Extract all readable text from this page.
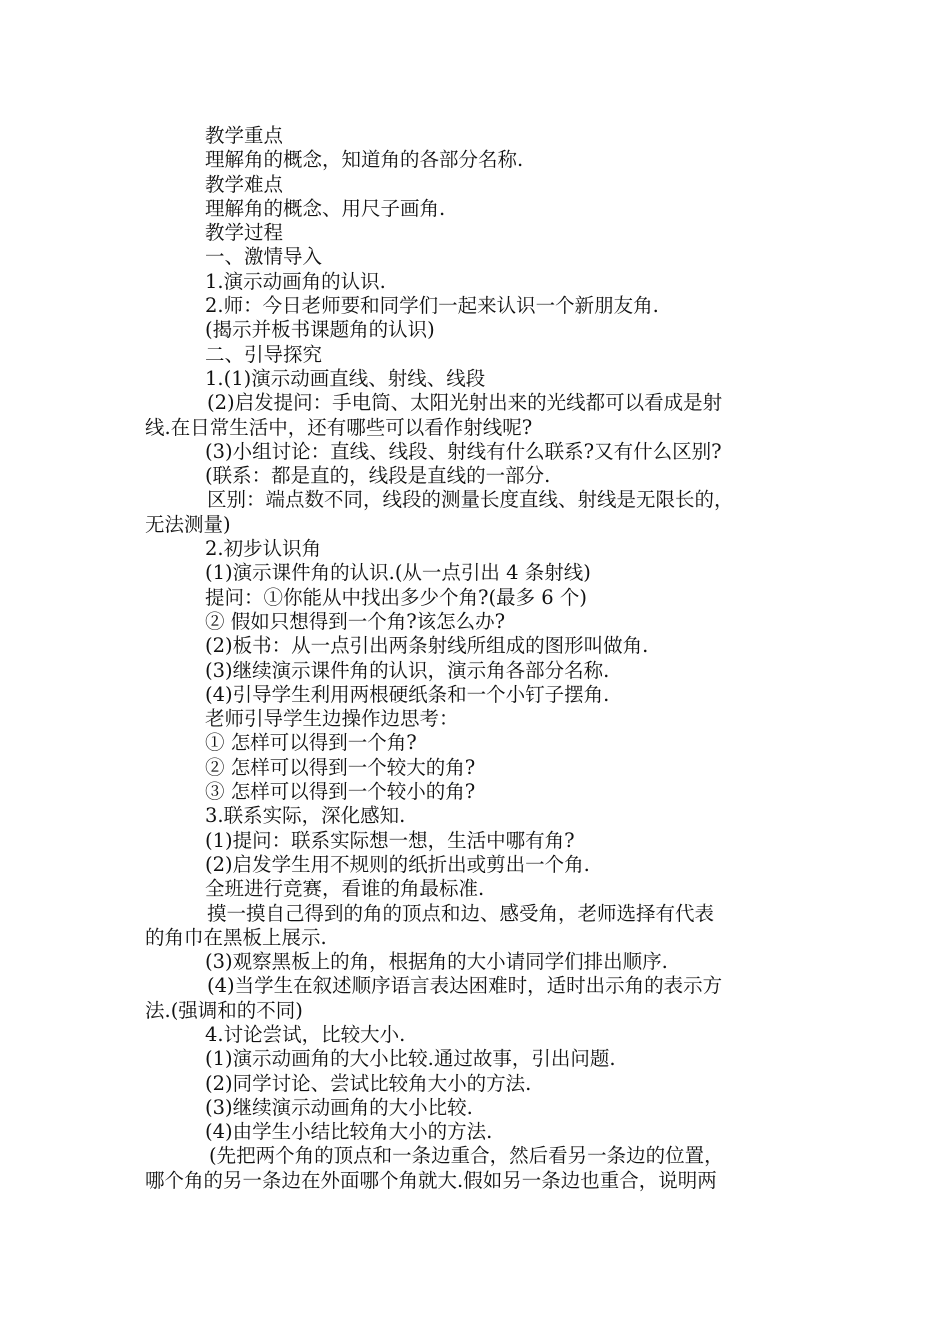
教学重点
理解角的概念，知道角的各部分名称.
教学难点
理解角的概念、用尺子画角.
教学过程
一、激情导入
1.演示动画角的认识.
2.师：今日老师要和同学们一起来认识一个新朋友角.
(揭示并板书课题角的认识)
二、引导探究
1.(1)演示动画直线、射线、线段
(2)启发提问：手电筒、太阳光射出来的光线都可以看成是射
线.在日常生活中，还有哪些可以看作射线呢?
(3)小组讨论：直线、线段、射线有什么联系?又有什么区别?
(联系：都是直的，线段是直线的一部分.
区别：端点数不同，线段的测量长度直线、射线是无限长的，
无法测量)
2.初步认识角
(1)演示课件角的认识.(从一点引出 4 条射线)
提问：①你能从中找出多少个角?(最多 6 个)
② 假如只想得到一个角?该怎么办?
(2)板书：从一点引出两条射线所组成的图形叫做角.
(3)继续演示课件角的认识，演示角各部分名称.
(4)引导学生利用两根硬纸条和一个小钉子摆角.
老师引导学生边操作边思考：
① 怎样可以得到一个角?
② 怎样可以得到一个较大的角?
③ 怎样可以得到一个较小的角?
3.联系实际，深化感知.
(1)提问：联系实际想一想，生活中哪有角?
(2)启发学生用不规则的纸折出或剪出一个角.
全班进行竞赛，看谁的角最标准.
摸一摸自己得到的角的顶点和边、感受角，老师选择有代表
的角巾在黑板上展示.
(3)观察黑板上的角，根据角的大小请同学们排出顺序.
(4)当学生在叙述顺序语言表达困难时，适时出示角的表示方
法.(强调和的不同)
4.讨论尝试，比较大小.
(1)演示动画角的大小比较.通过故事，引出问题.
(2)同学讨论、尝试比较角大小的方法.
(3)继续演示动画角的大小比较.
(4)由学生小结比较角大小的方法.
(先把两个角的顶点和一条边重合，然后看另一条边的位置，
哪个角的另一条边在外面哪个角就大.假如另一条边也重合，说明两
